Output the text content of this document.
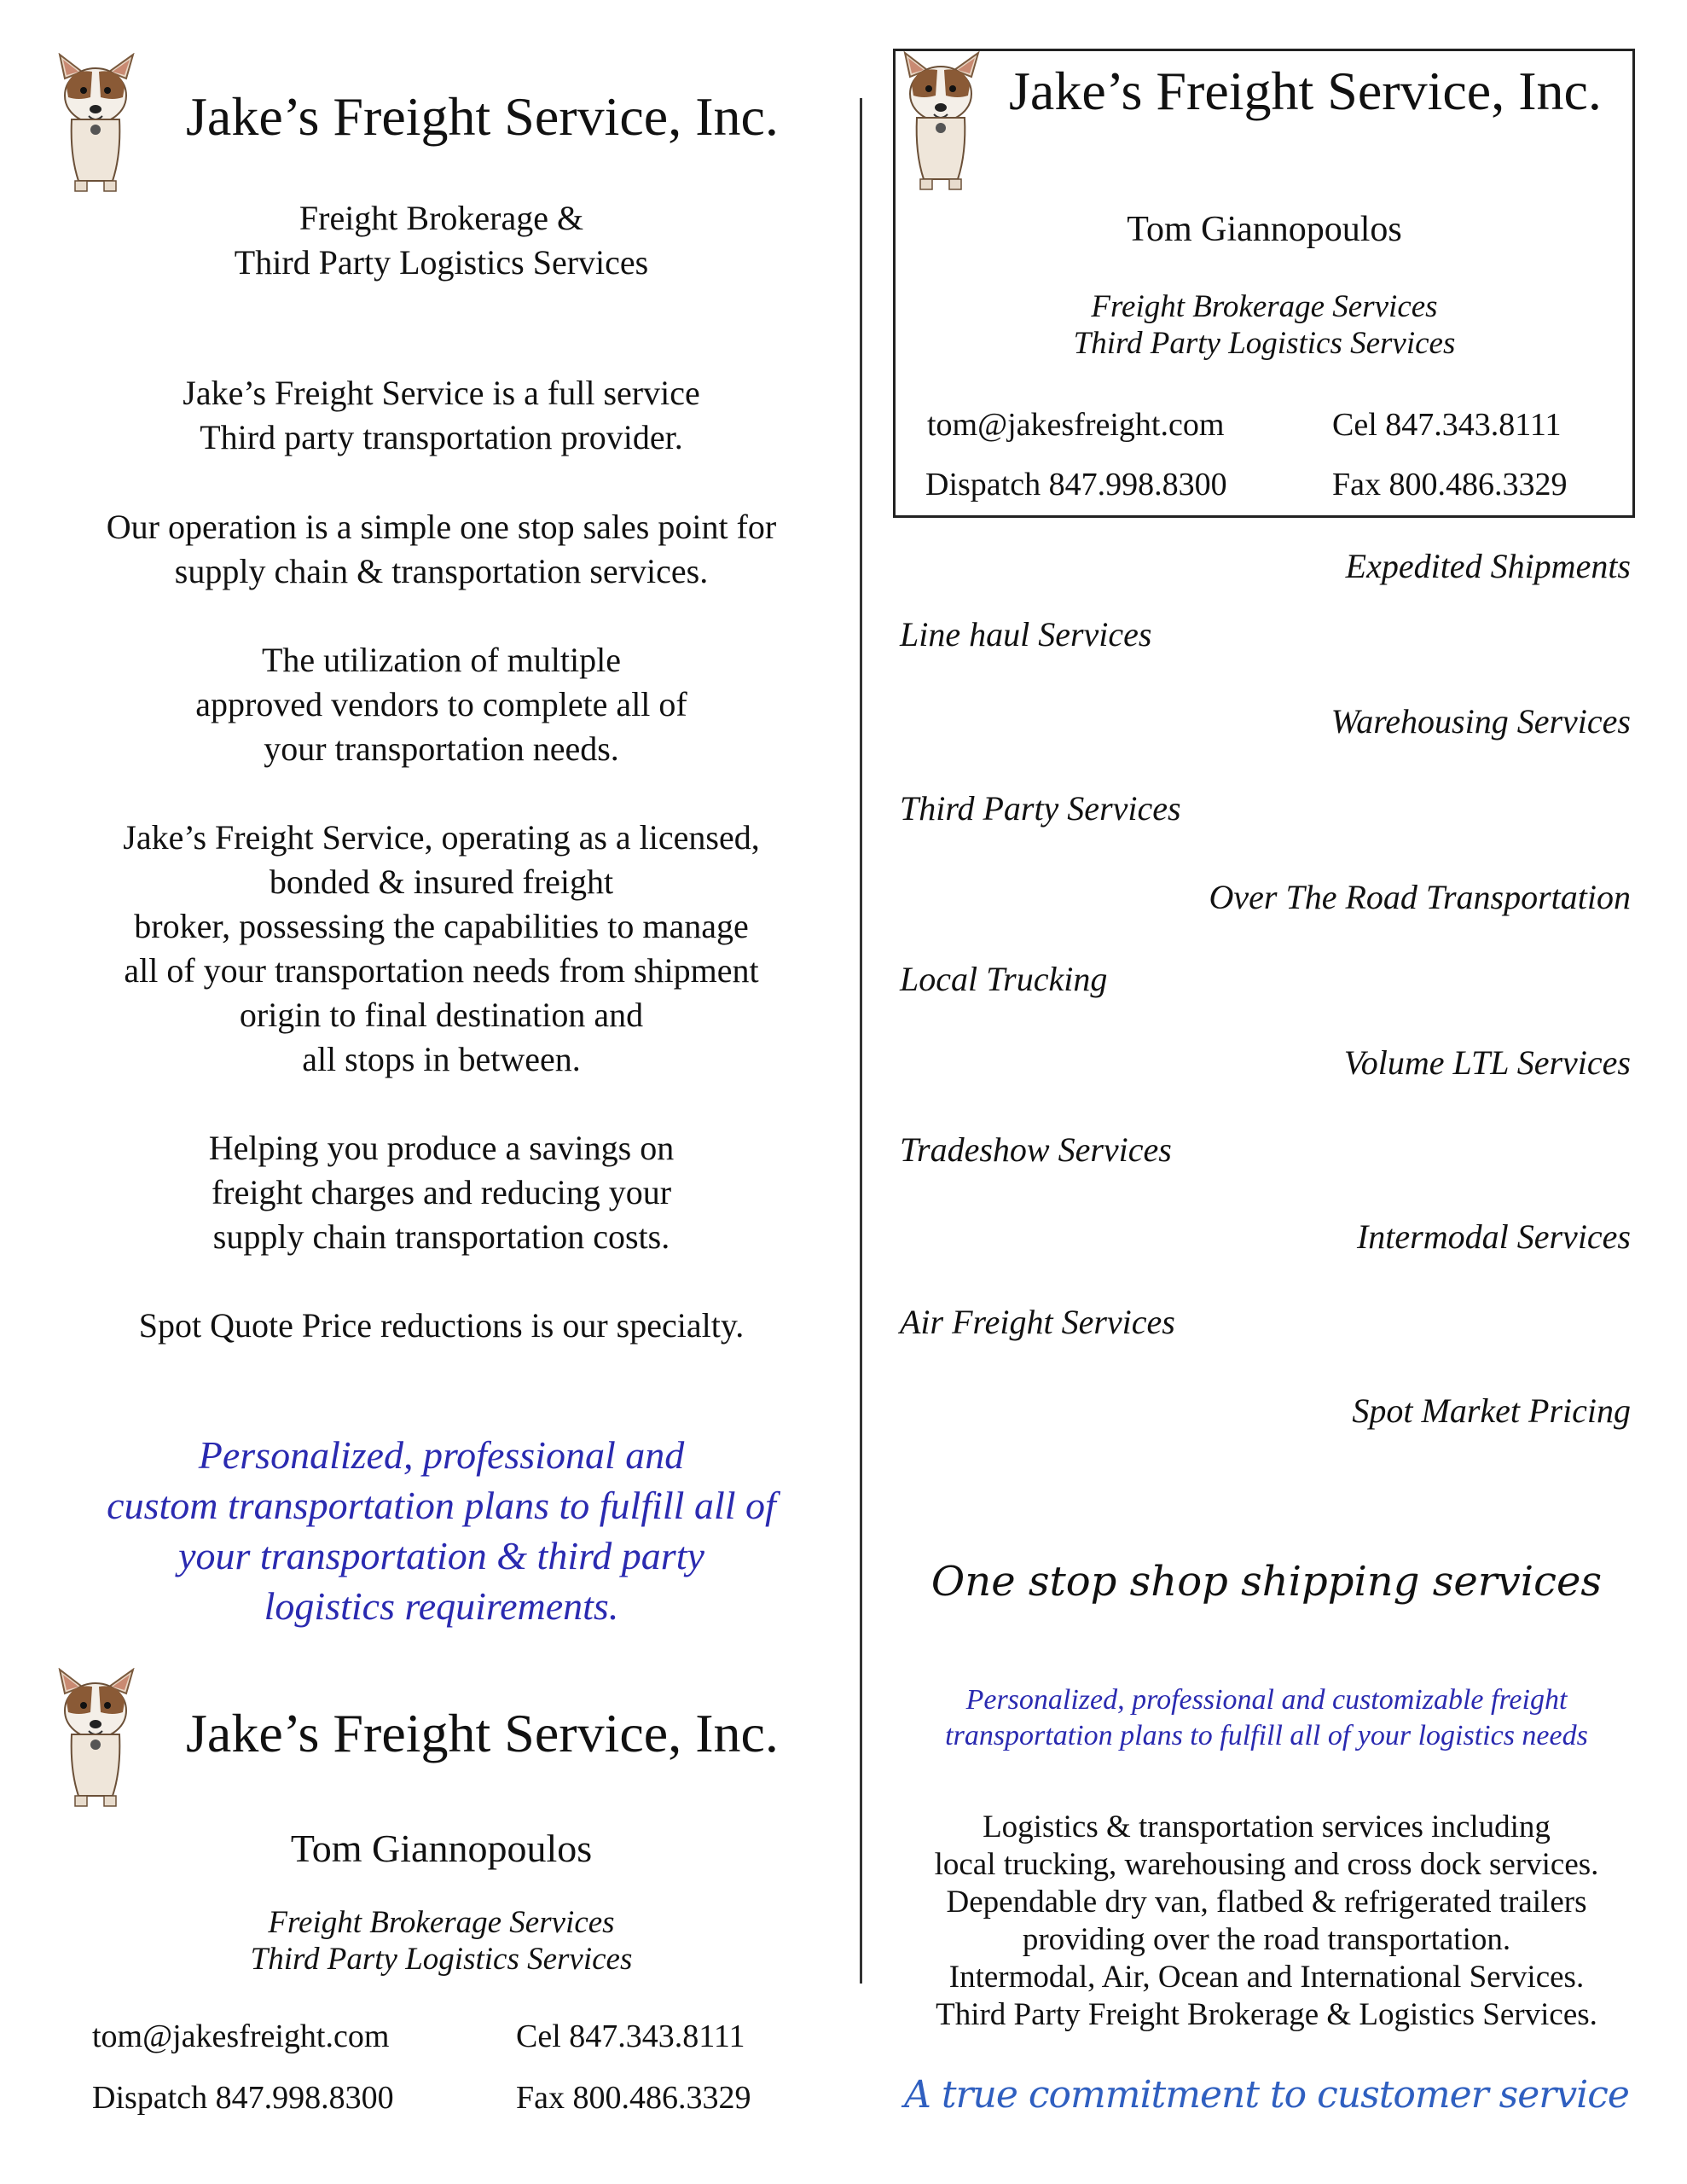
Jake’s Freight Service, Inc.
Freight Brokerage &
Third Party Logistics Services
Jake’s Freight Service is a full service
Third party transportation provider.
Our operation is a simple one stop sales point for
supply chain & transportation services.
The utilization of multiple
approved vendors to complete all of
your transportation needs.
Jake’s Freight Service, operating as a licensed,
bonded & insured freight
broker, possessing the capabilities to manage
all of your transportation needs from shipment
origin to final destination and
all stops in between.
Helping you produce a savings on
freight charges and reducing your
supply chain transportation costs.
Spot Quote Price reductions is our specialty.
Personalized, professional and
custom transportation plans to fulfill all of
your transportation & third party
logistics requirements.
Jake’s Freight Service, Inc.
Tom Giannopoulos
Freight Brokerage Services
Third Party Logistics Services
tom@jakesfreight.com	Cel 847.343.8111
Dispatch 847.998.8300	Fax 800.486.3329
Jake’s Freight Service, Inc.
Tom Giannopoulos
Freight Brokerage Services
Third Party Logistics Services
tom@jakesfreight.com	Cel 847.343.8111
Dispatch 847.998.8300	Fax 800.486.3329
Expedited Shipments
Line haul Services
Warehousing Services
Third Party Services
Over The Road Transportation
Local Trucking
Volume LTL Services
Tradeshow Services
Intermodal Services
Air Freight Services
Spot Market Pricing
One stop shop shipping services
Personalized, professional and customizable freight
transportation plans to fulfill all of your logistics needs
Logistics & transportation services including
local trucking, warehousing and cross dock services.
Dependable dry van, flatbed & refrigerated trailers
providing over the road transportation.
Intermodal, Air, Ocean and International Services.
Third Party Freight Brokerage & Logistics Services.
A true commitment to customer service
